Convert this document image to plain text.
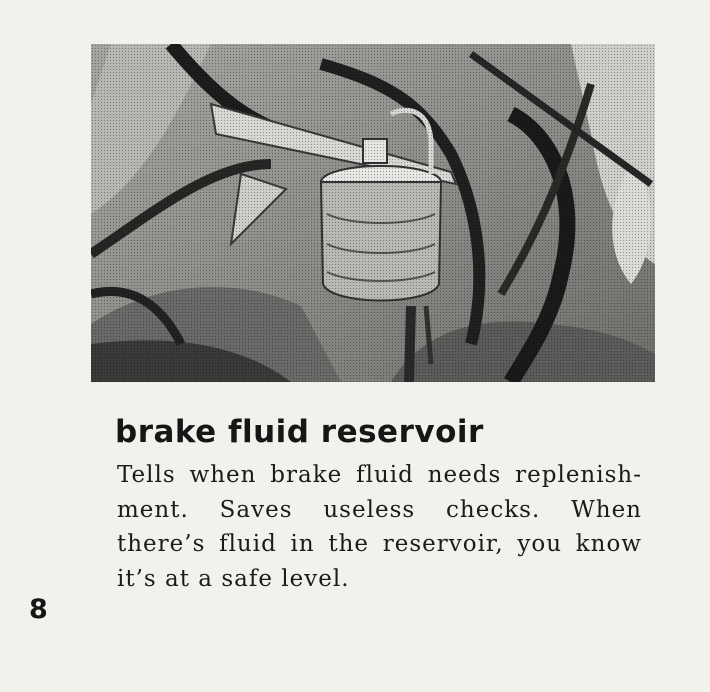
brake fluid reservoir
Tells when brake fluid needs replenish-
ment. Saves useless checks. When
there’s fluid in the reservoir, you know
it’s at a safe level.
8
